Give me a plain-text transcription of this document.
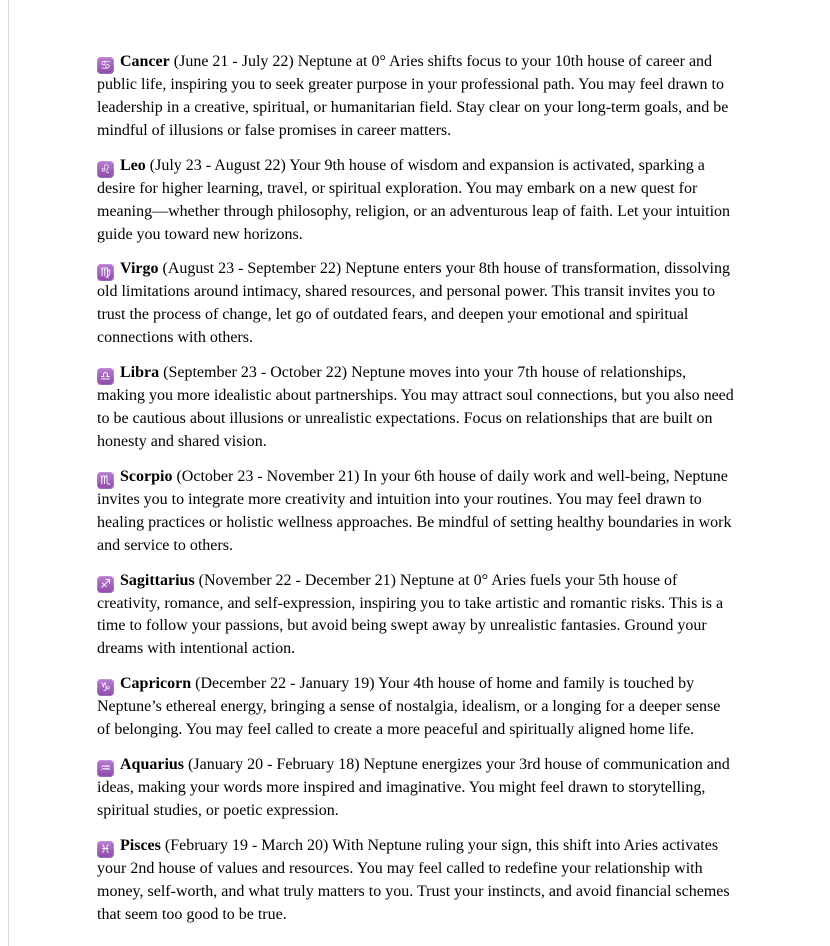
♋ Cancer (June 21 - July 22) Neptune at 0° Aries shifts focus to your 10th house of career and public life, inspiring you to seek greater purpose in your professional path. You may feel drawn to leadership in a creative, spiritual, or humanitarian field. Stay clear on your long-term goals, and be mindful of illusions or false promises in career matters.

♌ Leo (July 23 - August 22) Your 9th house of wisdom and expansion is activated, sparking a desire for higher learning, travel, or spiritual exploration. You may embark on a new quest for meaning—whether through philosophy, religion, or an adventurous leap of faith. Let your intuition guide you toward new horizons.

♍ Virgo (August 23 - September 22) Neptune enters your 8th house of transformation, dissolving old limitations around intimacy, shared resources, and personal power. This transit invites you to trust the process of change, let go of outdated fears, and deepen your emotional and spiritual connections with others.

♎ Libra (September 23 - October 22) Neptune moves into your 7th house of relationships, making you more idealistic about partnerships. You may attract soul connections, but you also need to be cautious about illusions or unrealistic expectations. Focus on relationships that are built on honesty and shared vision.

♏ Scorpio (October 23 - November 21) In your 6th house of daily work and well-being, Neptune invites you to integrate more creativity and intuition into your routines. You may feel drawn to healing practices or holistic wellness approaches. Be mindful of setting healthy boundaries in work and service to others.

♐ Sagittarius (November 22 - December 21) Neptune at 0° Aries fuels your 5th house of creativity, romance, and self-expression, inspiring you to take artistic and romantic risks. This is a time to follow your passions, but avoid being swept away by unrealistic fantasies. Ground your dreams with intentional action.

♑ Capricorn (December 22 - January 19) Your 4th house of home and family is touched by Neptune’s ethereal energy, bringing a sense of nostalgia, idealism, or a longing for a deeper sense of belonging. You may feel called to create a more peaceful and spiritually aligned home life.

♒ Aquarius (January 20 - February 18) Neptune energizes your 3rd house of communication and ideas, making your words more inspired and imaginative. You might feel drawn to storytelling, spiritual studies, or poetic expression.

♓ Pisces (February 19 - March 20) With Neptune ruling your sign, this shift into Aries activates your 2nd house of values and resources. You may feel called to redefine your relationship with money, self-worth, and what truly matters to you. Trust your instincts, and avoid financial schemes that seem too good to be true.
